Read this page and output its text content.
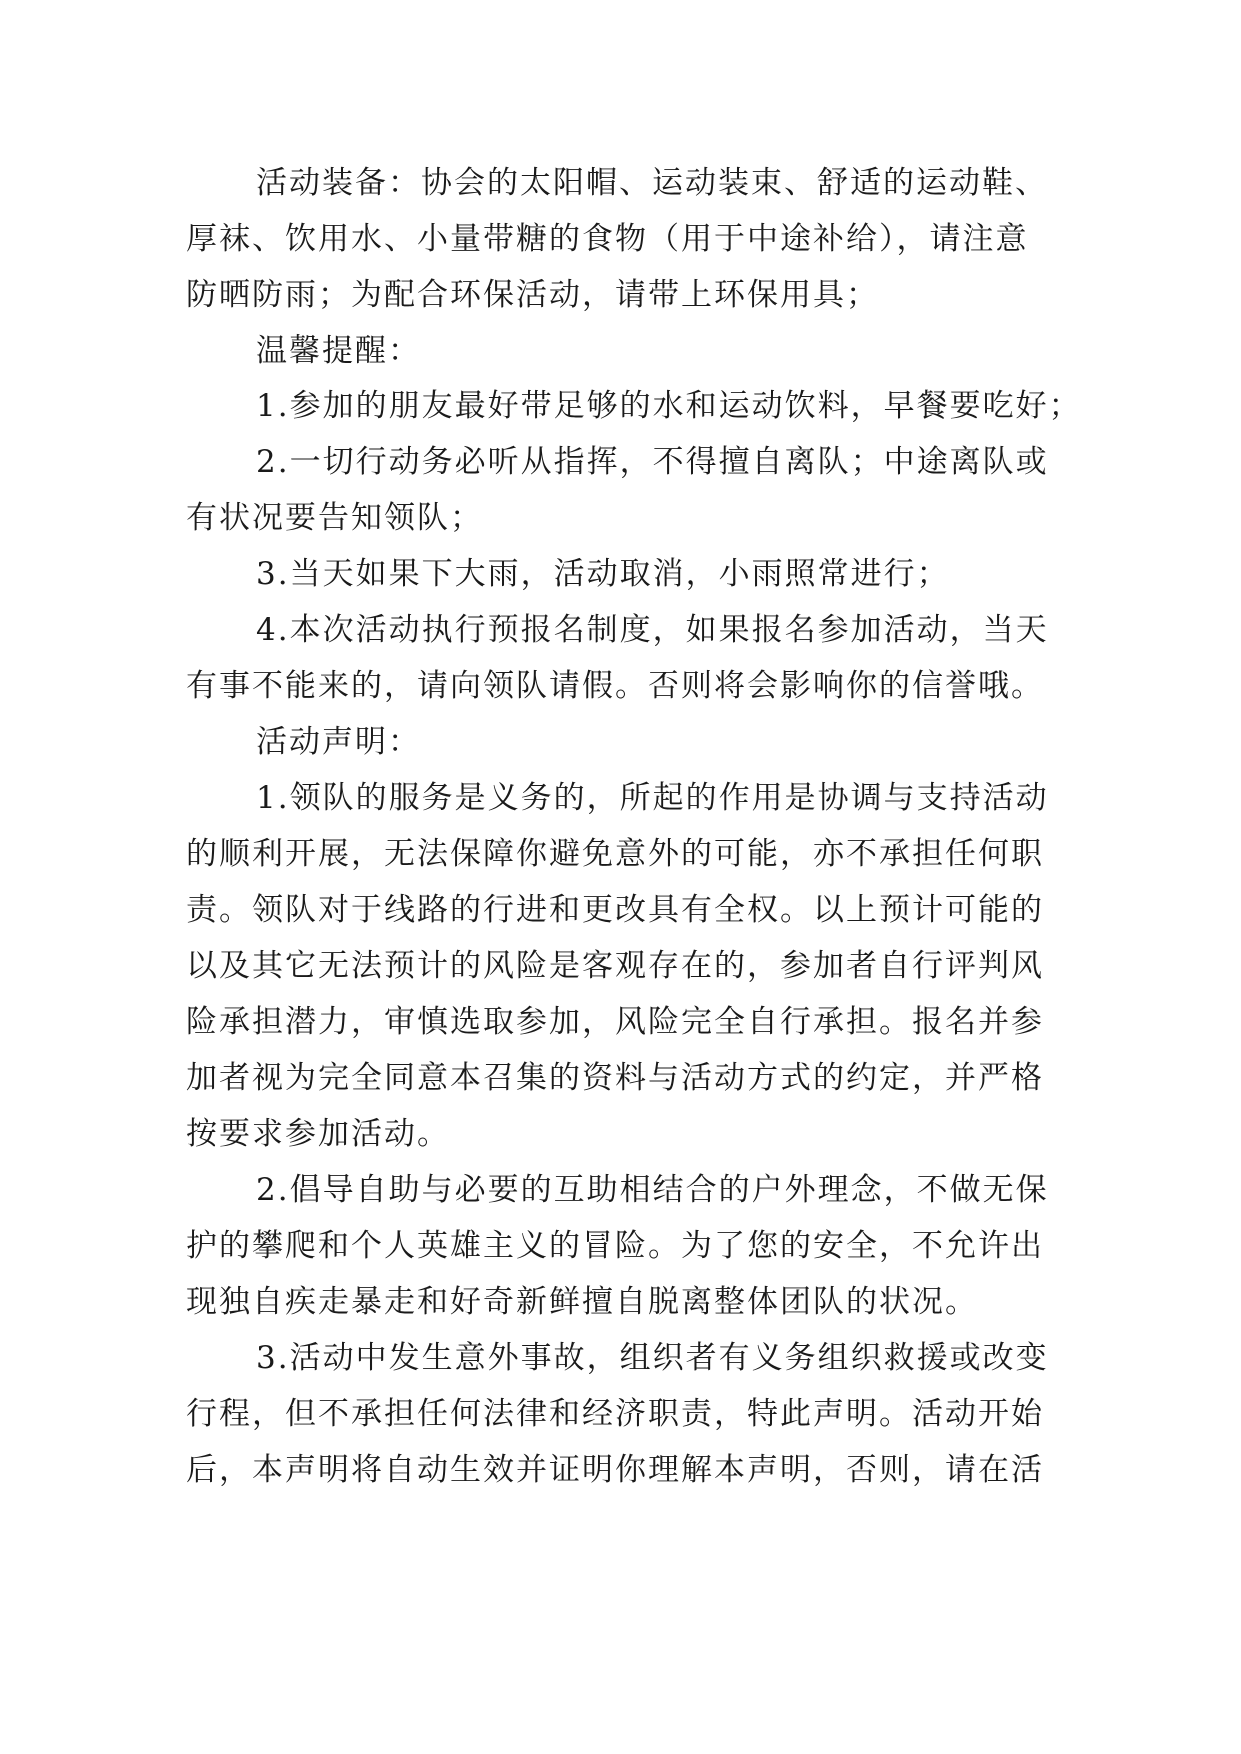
活动装备：协会的太阳帽、运动装束、舒适的运动鞋、
厚袜、饮用水、小量带糖的食物（用于中途补给），请注意
防晒防雨；为配合环保活动，请带上环保用具；
温馨提醒：
1.参加的朋友最好带足够的水和运动饮料，早餐要吃好；
2.一切行动务必听从指挥，不得擅自离队；中途离队或
有状况要告知领队；
3.当天如果下大雨，活动取消，小雨照常进行；
4.本次活动执行预报名制度，如果报名参加活动，当天
有事不能来的，请向领队请假。否则将会影响你的信誉哦。
活动声明：
1.领队的服务是义务的，所起的作用是协调与支持活动
的顺利开展，无法保障你避免意外的可能，亦不承担任何职
责。领队对于线路的行进和更改具有全权。以上预计可能的
以及其它无法预计的风险是客观存在的，参加者自行评判风
险承担潜力，审慎选取参加，风险完全自行承担。报名并参
加者视为完全同意本召集的资料与活动方式的约定，并严格
按要求参加活动。
2.倡导自助与必要的互助相结合的户外理念，不做无保
护的攀爬和个人英雄主义的冒险。为了您的安全，不允许出
现独自疾走暴走和好奇新鲜擅自脱离整体团队的状况。
3.活动中发生意外事故，组织者有义务组织救援或改变
行程，但不承担任何法律和经济职责，特此声明。活动开始
后，本声明将自动生效并证明你理解本声明，否则，请在活
